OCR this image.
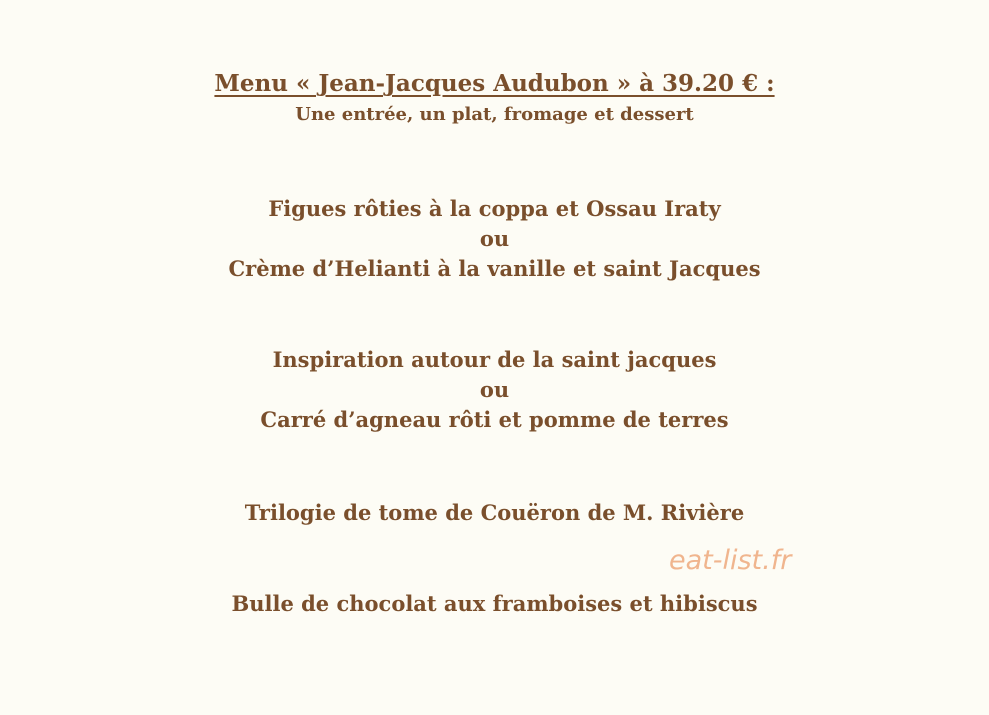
Menu « Jean-Jacques Audubon » à 39.20 € :
Une entrée, un plat, fromage et dessert
Figues rôties à la coppa et Ossau Iraty
ou
Crème d’Helianti à la vanille et saint Jacques
Inspiration autour de la saint jacques
ou
Carré d’agneau rôti et pomme de terres
Trilogie de tome de Couëron de M. Rivière
Bulle de chocolat aux framboises et hibiscus
eat-list.fr
